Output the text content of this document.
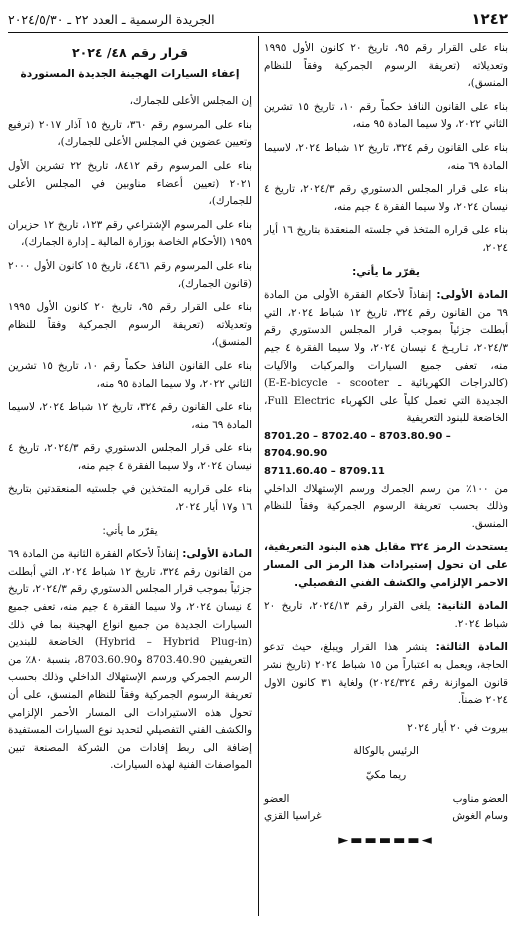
١٢٤٢
الجريدة الرسمية ـ العدد ٢٢ ـ ٢٠٢٤/٥/٣٠

بناء على القرار رقم ٩٥، تاريخ ٢٠ كانون الأول ١٩٩٥ وتعديلاته (تعريفة الرسوم الجمركية وفقاً للنظام المنسق)،

بناء على القانون النافذ حكماً رقم ١٠، تاريخ ١٥ تشرين الثاني ٢٠٢٢، ولا سيما المادة ٩٥ منه،

بناء على القانون رقم ٣٢٤، تاريخ ١٢ شباط ٢٠٢٤، لاسيما المادة ٦٩ منه،

بناء على قرار المجلس الدستوري رقم ٢٠٢٤/٣، تاريخ ٤ نيسان ٢٠٢٤، ولا سيما الفقرة ٤ جيم منه،

بناء على قراره المتخذ في جلسته المنعقدة بتاريخ ١٦ أيار ٢٠٢٤،

يقرّر ما يأتي:

المادة الأولى: إنفاذاً لأحكام الفقرة الأولى من المادة ٦٩ من القانون رقم ٣٢٤، تاريخ ١٢ شباط ٢٠٢٤، التي أبطلت جزئياً بموجب قرار المجلس الدستوري رقم ٢٠٢٤/٣، تـاريـخ ٤ نيسان ٢٠٢٤، ولا سيما الفقرة ٤ جيم منه، تعفى جميع السيارات والمركبات والآليات (كالدراجات الكهربائية ـ E-E-bicycle - scooter) الجديدة التي تعمل كلياً على الكهرباء Full Electric، الخاضعة للبنود التعريفية

8701.20 – 8702.40 – 8703.80.90 – 8704.90.90
8711.60.40 – 8709.11

من ١٠٠٪ من رسم الجمرك ورسم الإستهلاك الداخلي وذلك بحسب تعريفة الرسوم الجمركية وفقاً للنظام المنسق.

يستحدث الرمز ٣٢٤ مقابل هذه البنود التعريفية، على ان تحول إستيرادات هذا الرمز الى المسار الاحمر الإلزامي والكشف الفني التفصيلي.

المادة الثانية: يلغى القرار رقم ٢٠٢٤/١٣، تاريخ ٢٠ شباط ٢٠٢٤.

المادة الثالثة: ينشر هذا القرار ويبلغ، حيث تدعو الحاجة، ويعمل به اعتباراً من ١٥ شباط ٢٠٢٤ (تاريخ نشر قانون الموازنة رقم ٢٠٢٤/٣٢٤) ولغاية ٣١ كانون الاول ٢٠٢٤ ضمناً.

بيروت في ٢٠ أيار ٢٠٢٤

الرئيس بالوكالة

ريما مكيّ

العضو مناوب
العضو
وسام الغوش
غراسيا القزي
◄▬▬▬▬▬►
قرار رقم ٤٨/ ٢٠٢٤
إعفاء السيارات الهجينة الجديدة المستوردة

إن المجلس الأعلى للجمارك،

بناء على المرسوم رقم ٣٦٠، تاريخ ١٥ آذار ٢٠١٧ (ترفيع وتعيين عضوين في المجلس الأعلى للجمارك)،

بناء على المرسوم رقم ٨٤١٢، تاريخ ٢٢ تشرين الأول ٢٠٢١ (تعيين أعضاء مناوبين في المجلس الأعلى للجمارك)،

بناء على المرسوم الإشتراعي رقم ١٢٣، تاريخ ١٢ حزيران ١٩٥٩ (الأحكام الخاصة بوزارة المالية ـ إدارة الجمارك)،

بناء على المرسوم رقم ٤٤٦١، تاريخ ١٥ كانون الأول ٢٠٠٠ (قانون الجمارك)،

بناء على القرار رقم ٩٥، تاريخ ٢٠ كانون الأول ١٩٩٥ وتعديلاته (تعريفة الرسوم الجمركية وفقاً للنظام المنسق)،

بناء على القانون النافذ حكماً رقم ١٠، تاريخ ١٥ تشرين الثاني ٢٠٢٢، ولا سيما المادة ٩٥ منه،

بناء على القانون رقم ٣٢٤، تاريخ ١٢ شباط ٢٠٢٤، لاسيما المادة ٦٩ منه،

بناء على قرار المجلس الدستوري رقم ٢٠٢٤/٣، تاريخ ٤ نيسان ٢٠٢٤، ولا سيما الفقرة ٤ جيم منه،

بناء على قراريه المتخذين في جلستيه المنعقدتين بتاريخ ١٦ و١٧ أيار ٢٠٢٤،

يقرّر ما يأتي:

المادة الأولى: إنفاذاً لأحكام الفقرة الثانية من المادة ٦٩ من القانون رقم ٣٢٤، تاريخ ١٢ شباط ٢٠٢٤، التي أبطلت جزئياً بموجب قرار المجلس الدستوري رقم ٢٠٢٤/٣، تاريخ ٤ نيسان ٢٠٢٤، ولا سيما الفقرة ٤ جيم منه، تعفى جميع السيارات الجديدة من جميع انواع الهجينة بما في ذلك (Hybrid – Hybrid Plug-in) الخاضعة للبندين التعريفيين 8703.40.90 و8703.60.90، بنسبة ٨٠٪ من الرسم الجمركي ورسم الإستهلاك الداخلي وذلك بحسب تعريفة الرسوم الجمركية وفقاً للنظام المنسق، على أن تحول هذه الاستيرادات الى المسار الأحمر الإلزامي والكشف الفني التفصيلي لتحديد نوع السيارات المستفيدة إضافة الى ربط إفادات من الشركة المصنعة تبين المواصفات الفنية لهذه السيارات.
